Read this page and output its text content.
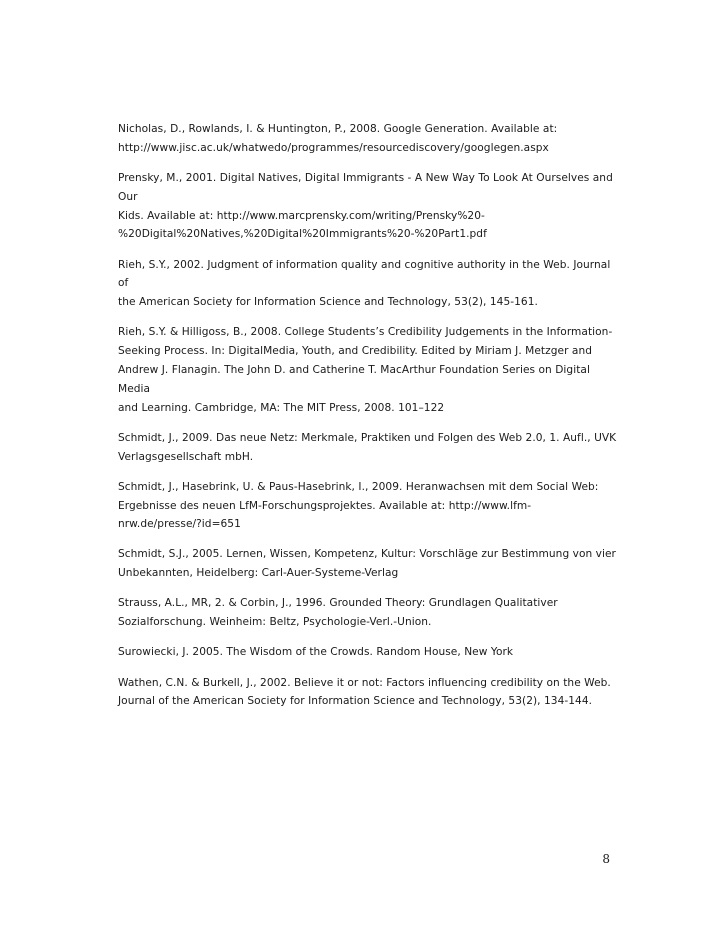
Nicholas, D., Rowlands, I. & Huntington, P., 2008. Google Generation. Available at:
http://www.jisc.ac.uk/whatwedo/programmes/resourcediscovery/googlegen.aspx

Prensky, M., 2001. Digital Natives, Digital Immigrants - A New Way To Look At Ourselves and Our
Kids. Available at: http://www.marcprensky.com/writing/Prensky%20-
%20Digital%20Natives,%20Digital%20Immigrants%20-%20Part1.pdf

Rieh, S.Y., 2002. Judgment of information quality and cognitive authority in the Web. Journal of
the American Society for Information Science and Technology, 53(2), 145-161.

Rieh, S.Y. & Hilligoss, B., 2008. College Students’s Credibility Judgements in the Information-
Seeking Process. In: DigitalMedia, Youth, and Credibility. Edited by Miriam J. Metzger and
Andrew J. Flanagin. The John D. and Catherine T. MacArthur Foundation Series on Digital Media
and Learning. Cambridge, MA: The MIT Press, 2008. 101–122

Schmidt, J., 2009. Das neue Netz: Merkmale, Praktiken und Folgen des Web 2.0, 1. Aufl., UVK
Verlagsgesellschaft mbH.

Schmidt, J., Hasebrink, U. & Paus-Hasebrink, I., 2009. Heranwachsen mit dem Social Web:
Ergebnisse des neuen LfM-Forschungsprojektes. Available at: http://www.lfm-
nrw.de/presse/?id=651

Schmidt, S.J., 2005. Lernen, Wissen, Kompetenz, Kultur: Vorschläge zur Bestimmung von vier
Unbekannten, Heidelberg: Carl-Auer-Systeme-Verlag

Strauss, A.L., MR, 2. & Corbin, J., 1996. Grounded Theory: Grundlagen Qualitativer
Sozialforschung. Weinheim: Beltz, Psychologie-Verl.-Union.

Surowiecki, J. 2005. The Wisdom of the Crowds. Random House, New York

Wathen, C.N. & Burkell, J., 2002. Believe it or not: Factors influencing credibility on the Web.
Journal of the American Society for Information Science and Technology, 53(2), 134-144.

8
